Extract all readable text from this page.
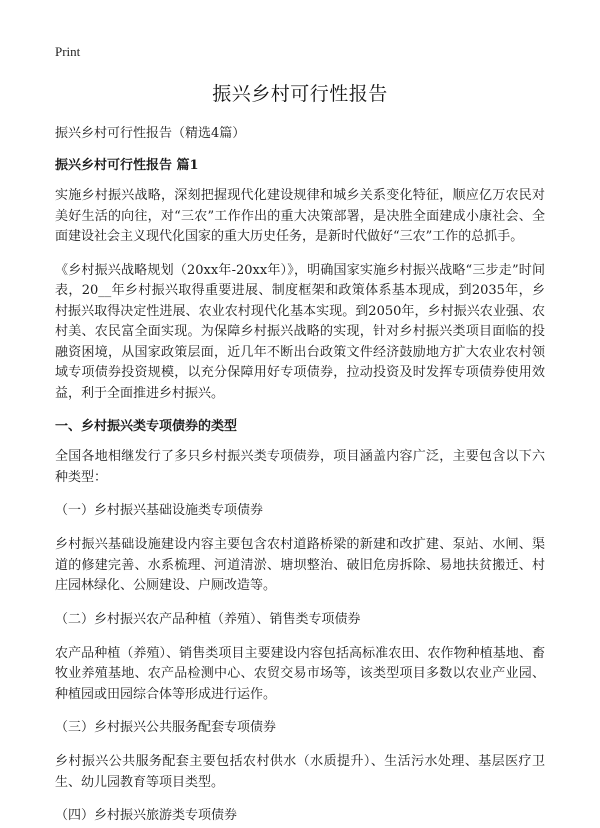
Print
振兴乡村可行性报告

振兴乡村可行性报告（精选4篇）

振兴乡村可行性报告 篇1

实施乡村振兴战略，深刻把握现代化建设规律和城乡关系变化特征，顺应亿万农民对美好生活的向往，对“三农”工作作出的重大决策部署，是决胜全面建成小康社会、全面建设社会主义现代化国家的重大历史任务，是新时代做好“三农”工作的总抓手。

《乡村振兴战略规划（20xx年-20xx年）》，明确国家实施乡村振兴战略“三步走”时间表，20__年乡村振兴取得重要进展、制度框架和政策体系基本现成，到2035年，乡村振兴取得决定性进展、农业农村现代化基本实现。到2050年，乡村振兴农业强、农村美、农民富全面实现。为保障乡村振兴战略的实现，针对乡村振兴类项目面临的投融资困境，从国家政策层面，近几年不断出台政策文件经济鼓励地方扩大农业农村领域专项债券投资规模，以充分保障用好专项债券，拉动投资及时发挥专项债券使用效益，利于全面推进乡村振兴。

一、乡村振兴类专项债券的类型

全国各地相继发行了多只乡村振兴类专项债券，项目涵盖内容广泛，主要包含以下六种类型：

（一）乡村振兴基础设施类专项债券

乡村振兴基础设施建设内容主要包含农村道路桥梁的新建和改扩建、泵站、水闸、渠道的修建完善、水系梳理、河道清淤、塘坝整治、破旧危房拆除、易地扶贫搬迁、村庄园林绿化、公厕建设、户厕改造等。

（二）乡村振兴农产品种植（养殖）、销售类专项债券

农产品种植（养殖）、销售类项目主要建设内容包括高标准农田、农作物种植基地、畜牧业养殖基地、农产品检测中心、农贸交易市场等，该类型项目多数以农业产业园、种植园或田园综合体等形成进行运作。

（三）乡村振兴公共服务配套专项债券

乡村振兴公共服务配套主要包括农村供水（水质提升）、生活污水处理、基层医疗卫生、幼儿园教育等项目类型。

（四）乡村振兴旅游类专项债券
